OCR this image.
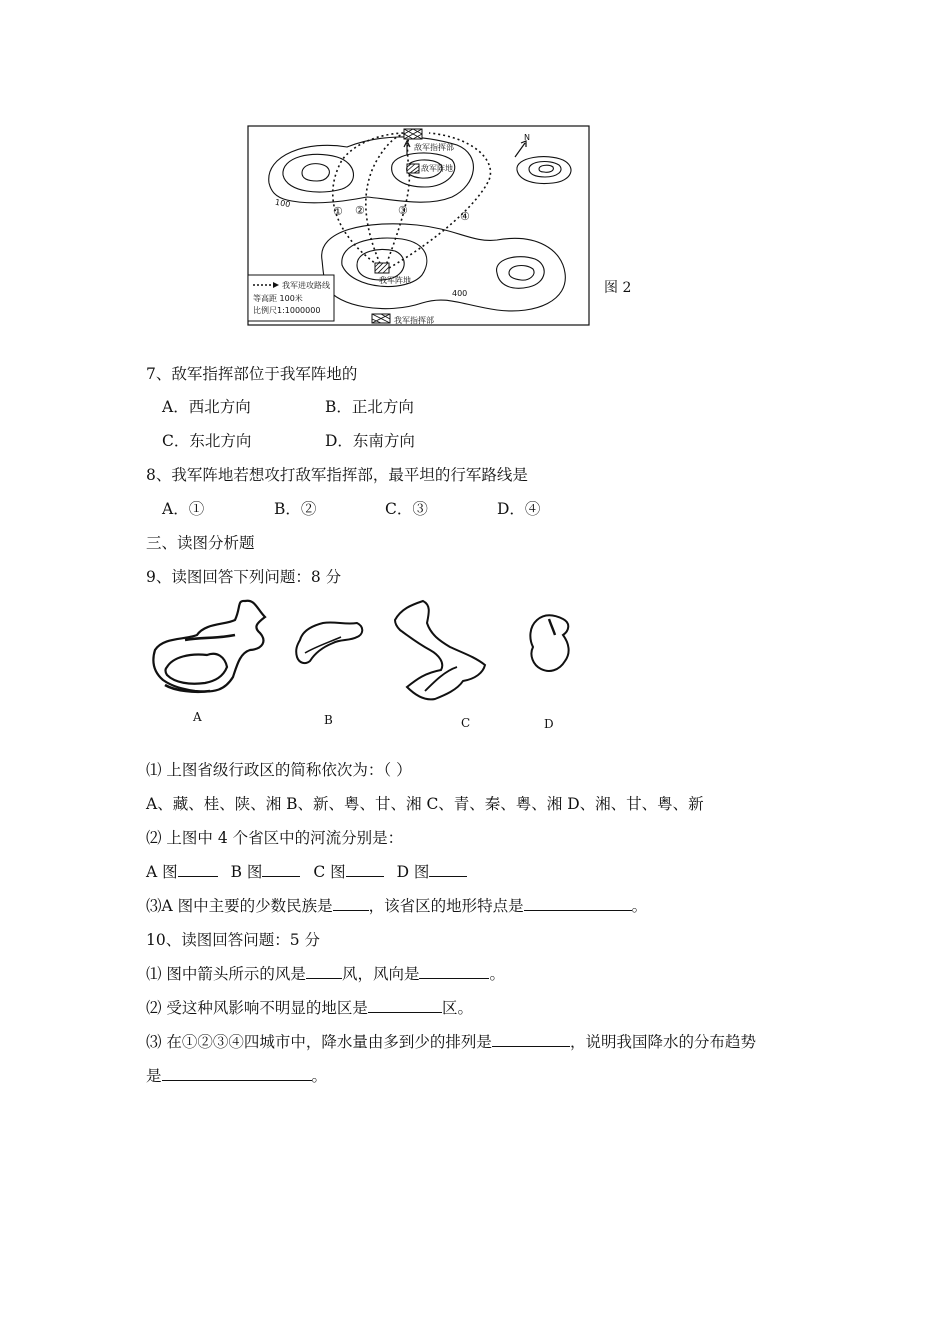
敌军指挥部
敌军阵地
我军阵地
100
400
N
① ②	③	④
我军进攻路线
等高距 100米
比例尺1:1000000
我军指挥部
图 2
7、敌军指挥部位于我军阵地的
A．西北方向	B．正北方向
C．东北方向	D．东南方向
8、我军阵地若想攻打敌军指挥部，最平坦的行军路线是
A．①	B．②	C．③	D．④
三、读图分析题
9、读图回答下列问题：8 分
A	B	C	D
⑴ 上图省级行政区的简称依次为：（ ）
A、藏、桂、陕、湘 B、新、粤、甘、湘 C、青、秦、粤、湘 D、湘、甘、粤、新
⑵ 上图中 4 个省区中的河流分别是：
A 图	B 图	C 图	D 图
⑶A 图中主要的少数民族是 ，该省区的地形特点是	。
10、读图回答问题：5 分
⑴ 图中箭头所示的风是 风，风向是	。
⑵ 受这种风影响不明显的地区是	区。
⑶ 在①②③④四城市中，降水量由多到少的排列是	，说明我国降水的分布趋势
是	。
